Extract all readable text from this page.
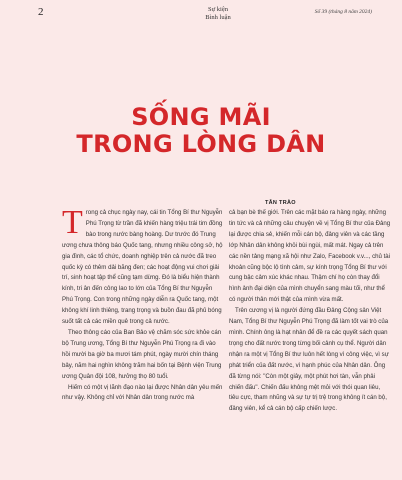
2	Sự kiện
Bình luận
Số 39 (tháng 8 năm 2024)
SỐNG MÃI
TRONG LÒNG DÂN
TÂN TRÀO

Trong cả chục ngày nay, cái tin Tổng Bí thư Nguyễn Phú Trọng từ trần đã khiến hàng triệu trái tim đồng bào trong nước bàng hoàng. Dư trước đó Trung ương chưa thông báo Quốc tang, nhưng nhiều công sở, hộ gia đình, các tổ chức, doanh nghiệp trên cả nước đã treo quốc kỳ có thêm dải băng đen; các hoạt động vui chơi giải trí, sinh hoạt tập thể cũng tạm dừng. Đó là biểu hiện thành kính, tri ân đến công lao to lớn của Tổng Bí thư Nguyễn Phú Trọng. Con trong những ngày diễn ra Quốc tang, một không khí linh thiêng, trang trọng và buồn đau đã phủ bóng suốt tất cả các miền quê trong cả nước.

Theo thông cáo của Ban Bảo vệ chăm sóc sức khỏe cán bộ Trung ương, Tổng Bí thư Nguyễn Phú Trọng ra đi vào hồi mười ba giờ ba mươi tám phút, ngày mười chín tháng bảy, năm hai nghìn không trăm hai bốn tại Bệnh viện Trung ương Quân đội 108, hưởng thọ 80 tuổi.

Hiếm có một vị lãnh đạo nào lại được Nhân dân yêu mến như vậy. Không chỉ với Nhân dân trong nước mà

cả bạn bè thế giới. Trên các mặt báo ra hàng ngày, những tin tức và cả những câu chuyện về vị Tổng Bí thư của Đảng lại được chia sẻ, khiến mỗi cán bộ, đảng viên và các tầng lớp Nhân dân không khỏi bùi ngùi, mất mát. Ngay cả trên các nền tảng mạng xã hội như Zalo, Facebook v.v..., chủ tài khoản cũng bộc lộ tình cảm, sự kính trọng Tổng Bí thư với cung bậc cảm xúc khác nhau. Thậm chí họ còn thay đổi hình ảnh đại diện của mình chuyển sang màu tối, như thể có người thân mới thật của mình vừa mất.

Trên cương vị là người đứng đầu Đảng Cộng sản Việt Nam, Tổng Bí thư Nguyễn Phú Trọng đã làm tốt vai trò của mình. Chính ông là hạt nhân để đề ra các quyết sách quan trọng cho đất nước trong từng bối cảnh cụ thể. Người dân nhận ra một vị Tổng Bí thư luôn hết lòng vì công việc, vì sự phát triển của đất nước, vì hạnh phúc của Nhân dân. Ông đã từng nói: "Còn một giây, một phút hơi tàn, vẫn phải chiến đấu". Chiến đấu không mệt mỏi với thói quan liêu, tiêu cực, tham nhũng và sự tự trị trệ trong không ít cán bộ, đảng viên, kể cả cán bộ cấp chiến lược.
